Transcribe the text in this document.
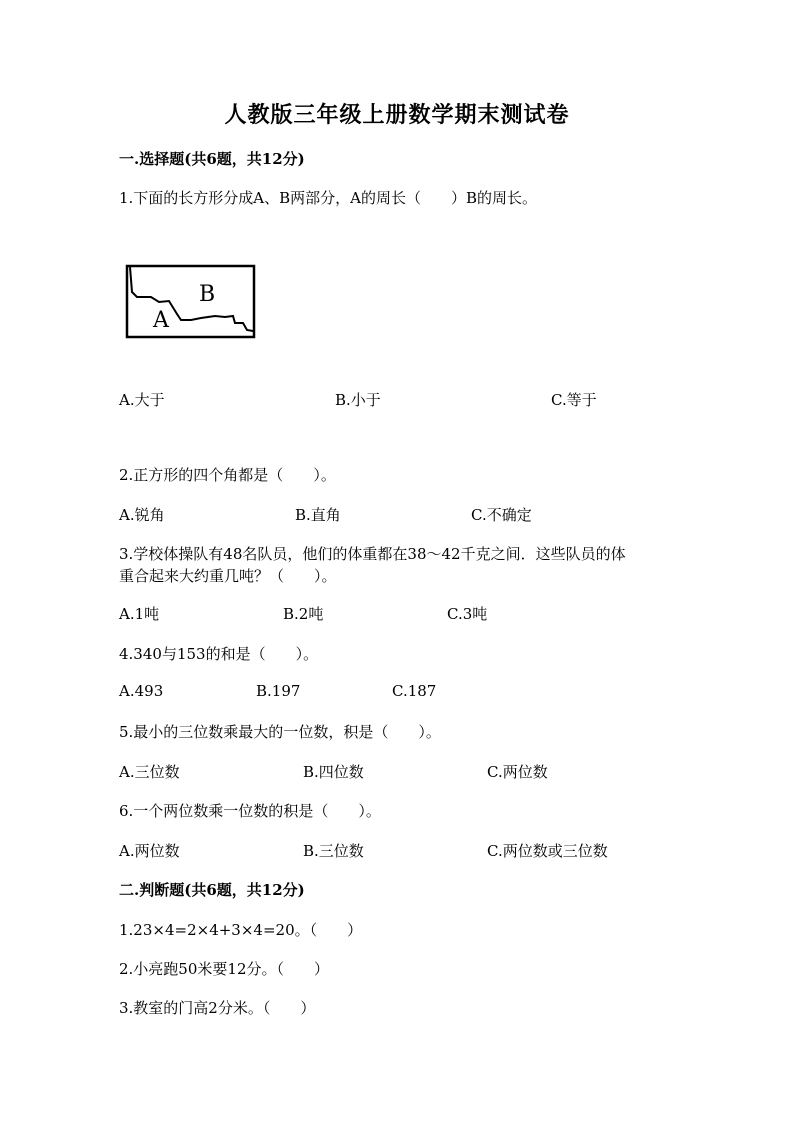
人教版三年级上册数学期末测试卷
一.选择题(共6题，共12分)
1.下面的长方形分成A、B两部分，A的周长（　　）B的周长。
A
B
A.大于	B.小于	C.等于
2.正方形的四个角都是（　　）。
A.锐角	B.直角	C.不确定
3.学校体操队有48名队员，他们的体重都在38～42千克之间．这些队员的体
重合起来大约重几吨？（　　）。
A.1吨	B.2吨	C.3吨
4.340与153的和是（　　）。
A.493	B.197	C.187
5.最小的三位数乘最大的一位数，积是（　　）。
A.三位数	B.四位数	C.两位数
6.一个两位数乘一位数的积是（　　）。
A.两位数	B.三位数	C.两位数或三位数
二.判断题(共6题，共12分)
1.23×4=2×4+3×4=20。（　　）
2.小亮跑50米要12分。（　　）
3.教室的门高2分米。（　　）
